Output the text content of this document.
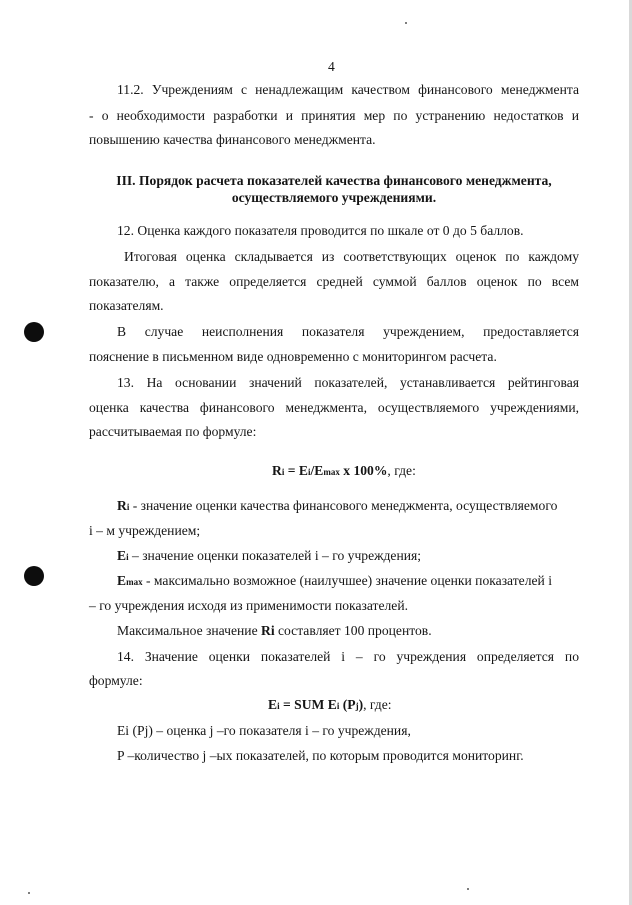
4
11.2. Учреждениям с ненадлежащим качеством финансового менеджмента
- о необходимости разработки и принятия мер по устранению недостатков и
повышению качества финансового менеджмента.
III. Порядок расчета показателей качества финансового менеджмента,
осуществляемого учреждениями.
12. Оценка каждого показателя проводится по шкале от 0 до 5 баллов.
Итоговая оценка складывается из соответствующих оценок по каждому
показателю, а также определяется средней суммой баллов оценок по всем
показателям.
В случае неисполнения показателя учреждением, предоставляется
пояснение в письменном виде одновременно с мониторингом расчета.
13. На основании значений показателей, устанавливается рейтинговая
оценка качества финансового менеджмента, осуществляемого учреждениями,
рассчитываемая по формуле:
Ri = Ei/Emax x 100%, где:
Ri - значение оценки качества финансового менеджмента, осуществляемого
i – м учреждением;
Ei – значение оценки показателей i – го учреждения;
Emax - максимально возможное (наилучшее) значение оценки показателей i
– го учреждения исходя из применимости показателей.
Максимальное значение Ri составляет 100 процентов.
14. Значение оценки показателей i – го учреждения определяется по
формуле:
Ei = SUM Ei (Pj), где:
Ei (Pj) – оценка j –го показателя i – го учреждения,
P –количество j –ых показателей, по которым проводится мониторинг.
